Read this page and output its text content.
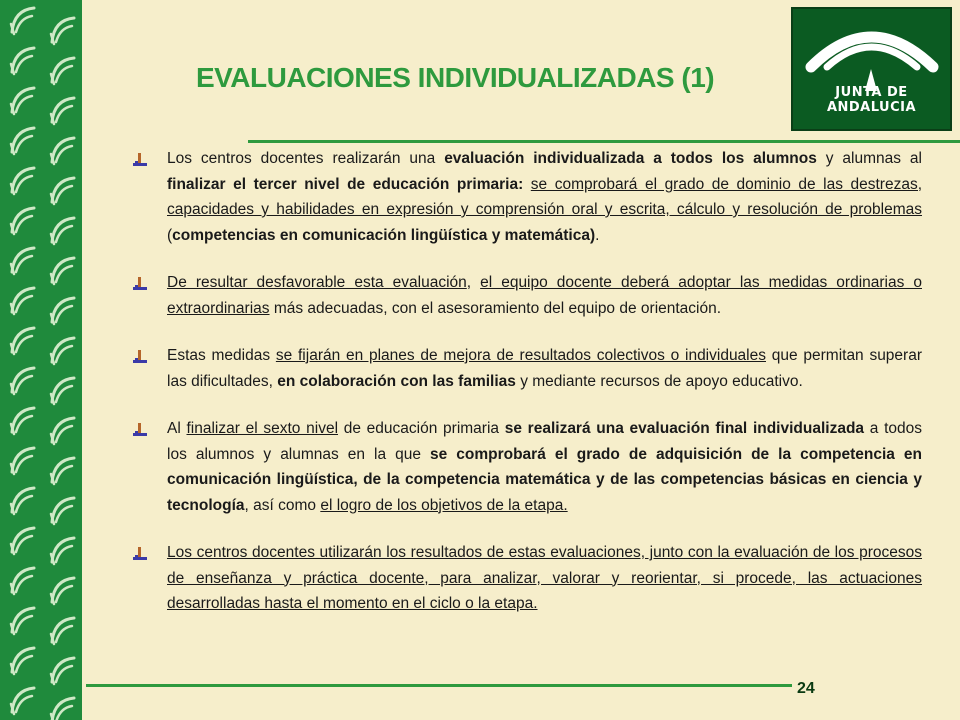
EVALUACIONES INDIVIDUALIZADAS (1)	JUNTA DE ANDALUCIA
Los centros docentes realizarán una evaluación individualizada a todos los alumnos y alumnas al finalizar el tercer nivel de educación primaria: se comprobará el grado de dominio de las destrezas, capacidades y habilidades en expresión y comprensión oral y escrita, cálculo y resolución de problemas (competencias en comunicación lingüística y matemática).
De resultar desfavorable esta evaluación, el equipo docente deberá adoptar las medidas ordinarias o extraordinarias más adecuadas, con el asesoramiento del equipo de orientación.
Estas medidas se fijarán en planes de mejora de resultados colectivos o individuales que permitan superar las dificultades, en colaboración con las familias y mediante recursos de apoyo educativo.
Al finalizar el sexto nivel de educación primaria se realizará una evaluación final individualizada a todos los alumnos y alumnas en la que se comprobará el grado de adquisición de la competencia en comunicación lingüística, de la competencia matemática y de las competencias básicas en ciencia y tecnología, así como el logro de los objetivos de la etapa.
Los centros docentes utilizarán los resultados de estas evaluaciones, junto con la evaluación de los procesos de enseñanza y práctica docente, para analizar, valorar y reorientar, si procede, las actuaciones desarrolladas hasta el momento en el ciclo o la etapa.
24
